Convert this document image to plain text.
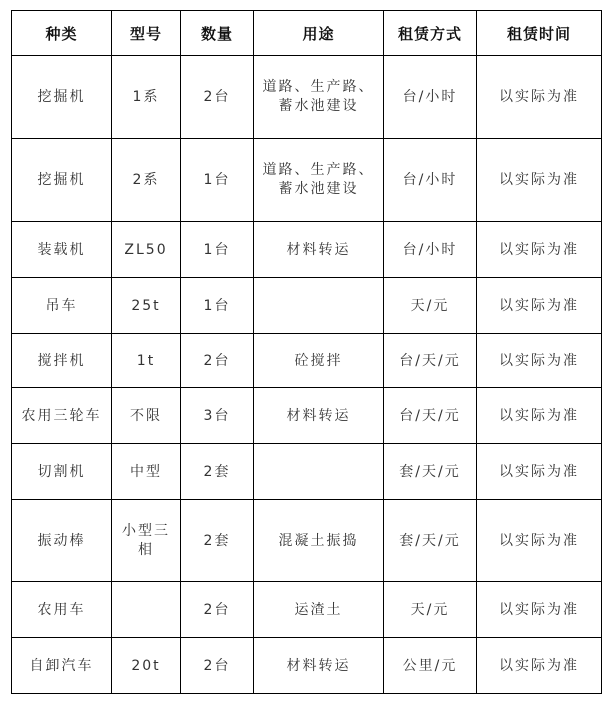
种类	型号	数量	用途	租赁方式	租赁时间
挖掘机	1系	2台	道路、生产路、蓄水池建设	台/小时	以实际为准
挖掘机	2系	1台	道路、生产路、蓄水池建设	台/小时	以实际为准
装载机	ZL50	1台	材料转运	台/小时	以实际为准
吊车	25t	1台		天/元	以实际为准
搅拌机	1t	2台	砼搅拌	台/天/元	以实际为准
农用三轮车	不限	3台	材料转运	台/天/元	以实际为准
切割机	中型	2套		套/天/元	以实际为准
振动棒	小型三相	2套	混凝土振捣	套/天/元	以实际为准
农用车		2台	运渣土	天/元	以实际为准
自卸汽车	20t	2台	材料转运	公里/元	以实际为准
